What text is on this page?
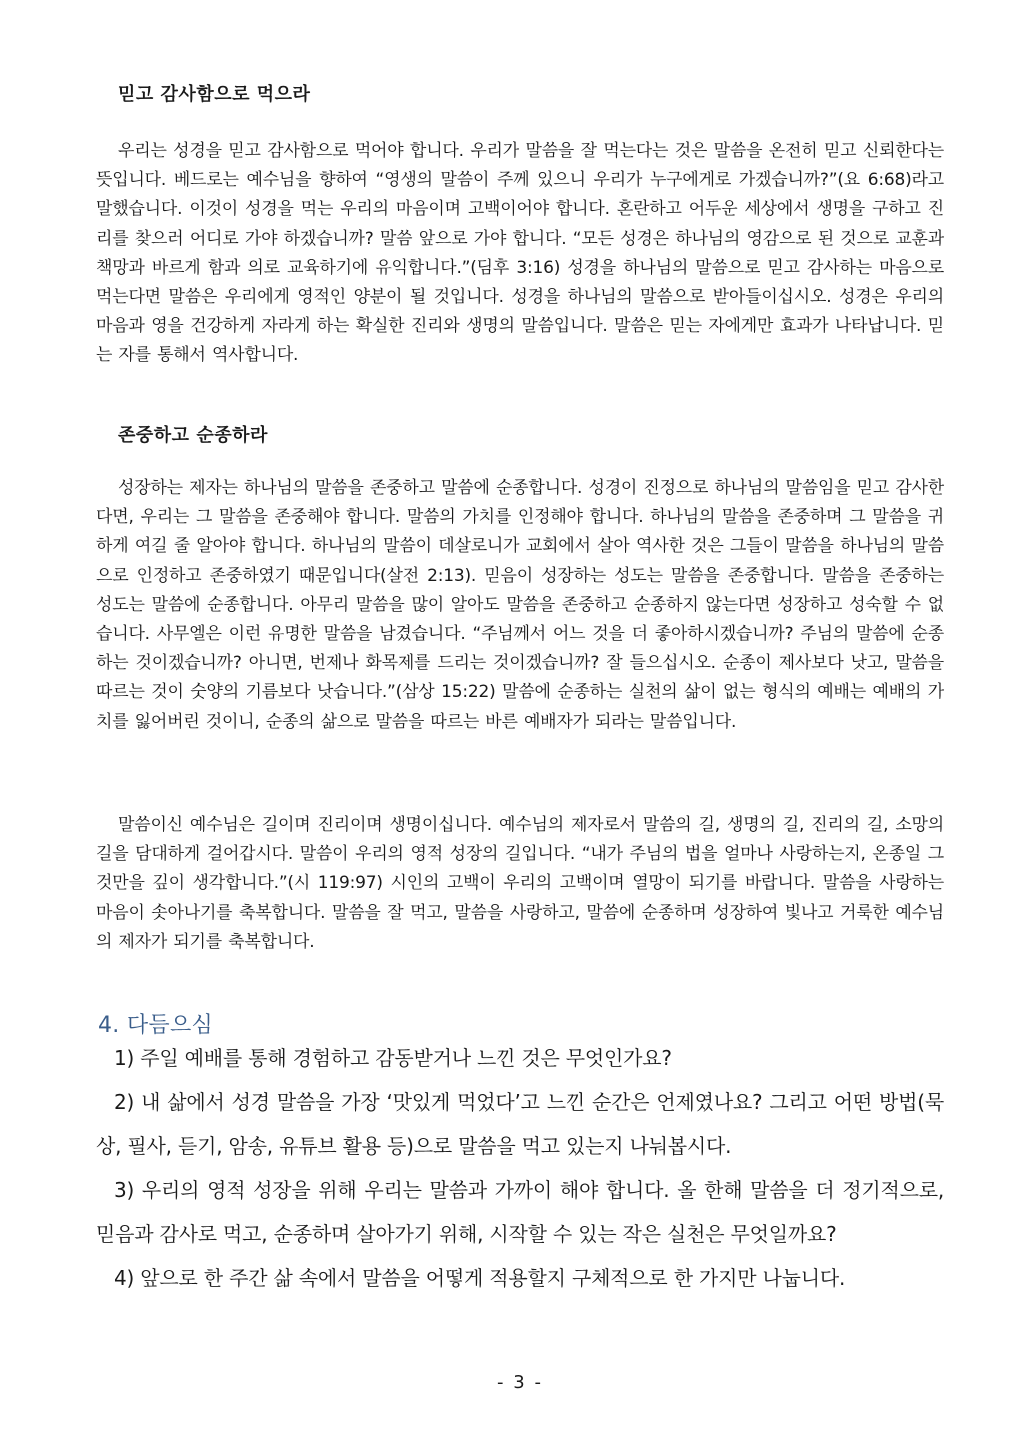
믿고 감사함으로 먹으라

우리는 성경을 믿고 감사함으로 먹어야 합니다. 우리가 말씀을 잘 먹는다는 것은 말씀을 온전히 믿고 신뢰한다는 뜻입니다. 베드로는 예수님을 향하여 “영생의 말씀이 주께 있으니 우리가 누구에게로 가겠습니까?”(요 6:68)라고 말했습니다. 이것이 성경을 먹는 우리의 마음이며 고백이어야 합니다. 혼란하고 어두운 세상에서 생명을 구하고 진리를 찾으러 어디로 가야 하겠습니까? 말씀 앞으로 가야 합니다. “모든 성경은 하나님의 영감으로 된 것으로 교훈과 책망과 바르게 함과 의로 교육하기에 유익합니다.”(딤후 3:16) 성경을 하나님의 말씀으로 믿고 감사하는 마음으로 먹는다면 말씀은 우리에게 영적인 양분이 될 것입니다. 성경을 하나님의 말씀으로 받아들이십시오. 성경은 우리의 마음과 영을 건강하게 자라게 하는 확실한 진리와 생명의 말씀입니다. 말씀은 믿는 자에게만 효과가 나타납니다. 믿는 자를 통해서 역사합니다.

존중하고 순종하라

성장하는 제자는 하나님의 말씀을 존중하고 말씀에 순종합니다. 성경이 진정으로 하나님의 말씀임을 믿고 감사한다면, 우리는 그 말씀을 존중해야 합니다. 말씀의 가치를 인정해야 합니다. 하나님의 말씀을 존중하며 그 말씀을 귀하게 여길 줄 알아야 합니다. 하나님의 말씀이 데살로니가 교회에서 살아 역사한 것은 그들이 말씀을 하나님의 말씀으로 인정하고 존중하였기 때문입니다(살전 2:13). 믿음이 성장하는 성도는 말씀을 존중합니다. 말씀을 존중하는 성도는 말씀에 순종합니다. 아무리 말씀을 많이 알아도 말씀을 존중하고 순종하지 않는다면 성장하고 성숙할 수 없습니다. 사무엘은 이런 유명한 말씀을 남겼습니다. “주님께서 어느 것을 더 좋아하시겠습니까? 주님의 말씀에 순종하는 것이겠습니까? 아니면, 번제나 화목제를 드리는 것이겠습니까? 잘 들으십시오. 순종이 제사보다 낫고, 말씀을 따르는 것이 숫양의 기름보다 낫습니다.”(삼상 15:22) 말씀에 순종하는 실천의 삶이 없는 형식의 예배는 예배의 가치를 잃어버린 것이니, 순종의 삶으로 말씀을 따르는 바른 예배자가 되라는 말씀입니다.

말씀이신 예수님은 길이며 진리이며 생명이십니다. 예수님의 제자로서 말씀의 길, 생명의 길, 진리의 길, 소망의 길을 담대하게 걸어갑시다. 말씀이 우리의 영적 성장의 길입니다. “내가 주님의 법을 얼마나 사랑하는지, 온종일 그것만을 깊이 생각합니다.”(시 119:97) 시인의 고백이 우리의 고백이며 열망이 되기를 바랍니다. 말씀을 사랑하는 마음이 솟아나기를 축복합니다. 말씀을 잘 먹고, 말씀을 사랑하고, 말씀에 순종하며 성장하여 빛나고 거룩한 예수님의 제자가 되기를 축복합니다.

4. 다듬으심

1) 주일 예배를 통해 경험하고 감동받거나 느낀 것은 무엇인가요?

2) 내 삶에서 성경 말씀을 가장 ‘맛있게 먹었다’고 느낀 순간은 언제였나요? 그리고 어떤 방법(묵상, 필사, 듣기, 암송, 유튜브 활용 등)으로 말씀을 먹고 있는지 나눠봅시다.

3) 우리의 영적 성장을 위해 우리는 말씀과 가까이 해야 합니다. 올 한해 말씀을 더 정기적으로, 믿음과 감사로 먹고, 순종하며 살아가기 위해, 시작할 수 있는 작은 실천은 무엇일까요?

4) 앞으로 한 주간 삶 속에서 말씀을 어떻게 적용할지 구체적으로 한 가지만 나눕니다.

- 3 -
